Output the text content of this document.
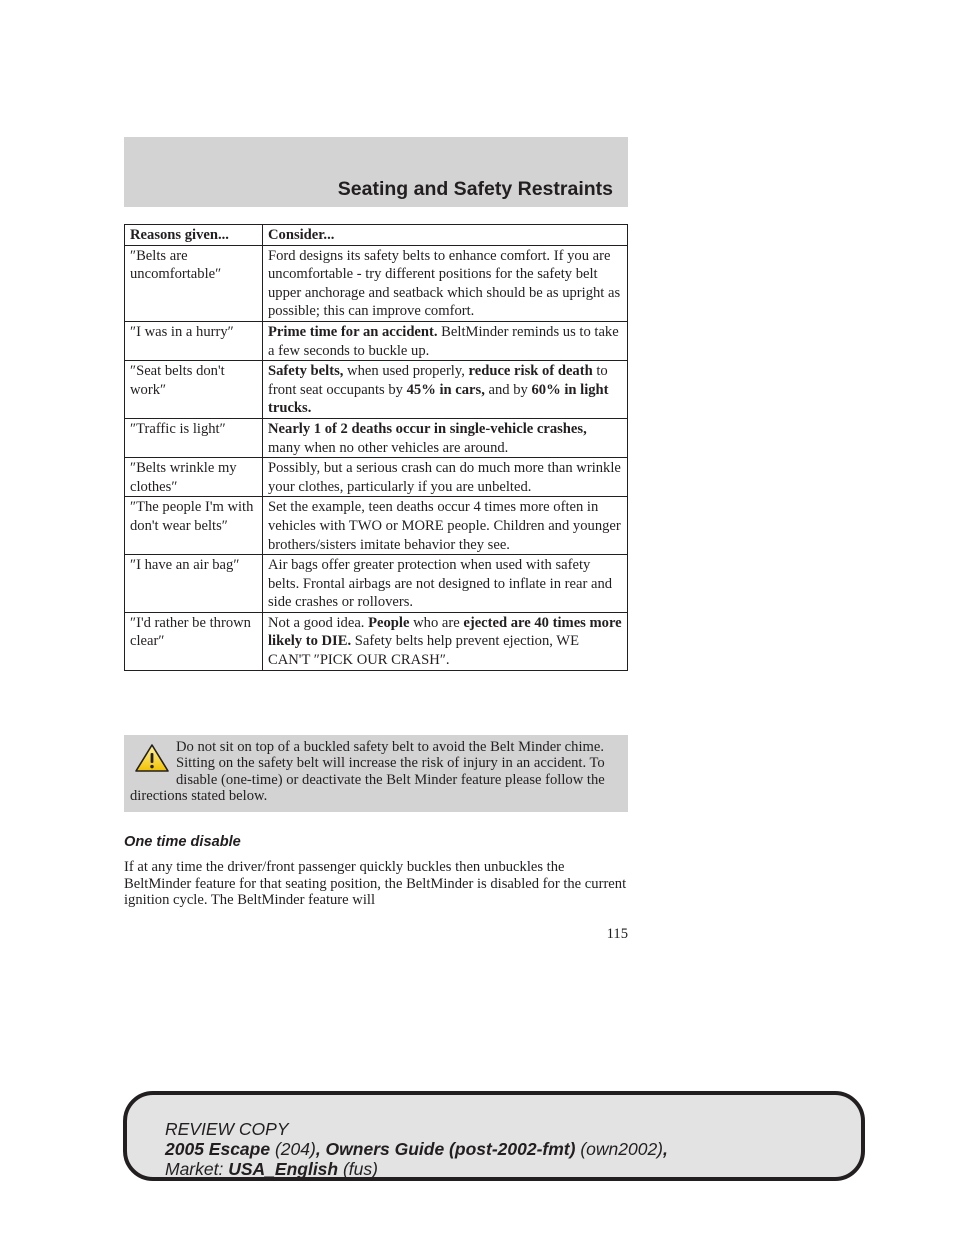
Seating and Safety Restraints
Reasons given...	Consider...
″Belts are uncomfortable″	Ford designs its safety belts to enhance comfort. If you are uncomfortable - try different positions for the safety belt upper anchorage and seatback which should be as upright as possible; this can improve comfort.
″I was in a hurry″	Prime time for an accident. BeltMinder reminds us to take a few seconds to buckle up.
″Seat belts don't work″	Safety belts, when used properly, reduce risk of death to front seat occupants by 45% in cars, and by 60% in light trucks.
″Traffic is light″	Nearly 1 of 2 deaths occur in single-vehicle crashes, many when no other vehicles are around.
″Belts wrinkle my clothes″	Possibly, but a serious crash can do much more than wrinkle your clothes, particularly if you are unbelted.
″The people I'm with don't wear belts″	Set the example, teen deaths occur 4 times more often in vehicles with TWO or MORE people. Children and younger brothers/sisters imitate behavior they see.
″I have an air bag″	Air bags offer greater protection when used with safety belts. Frontal airbags are not designed to inflate in rear and side crashes or rollovers.
″I'd rather be thrown clear″	Not a good idea. People who are ejected are 40 times more likely to DIE. Safety belts help prevent ejection, WE CAN'T ″PICK OUR CRASH″.
Do not sit on top of a buckled safety belt to avoid the Belt Minder chime. Sitting on the safety belt will increase the risk of injury in an accident. To disable (one-time) or deactivate the Belt Minder feature please follow the directions stated below.
One time disable

If at any time the driver/front passenger quickly buckles then unbuckles the BeltMinder feature for that seating position, the BeltMinder is disabled for the current ignition cycle. The BeltMinder feature will

115
REVIEW COPY
2005 Escape (204), Owners Guide (post-2002-fmt) (own2002),
Market: USA_English (fus)
